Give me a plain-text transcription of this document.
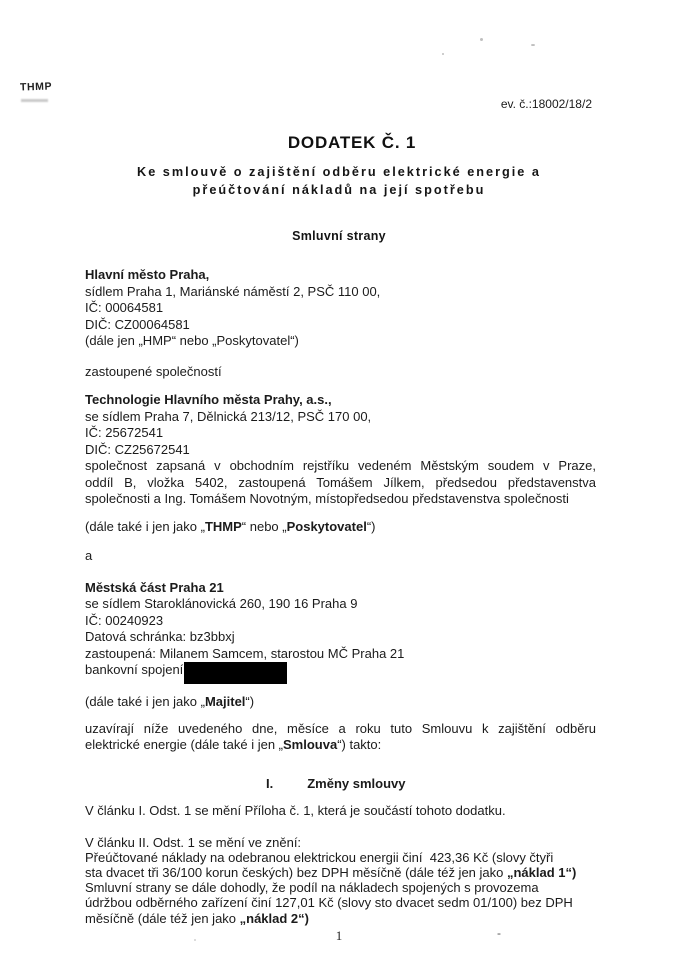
THMP
ev. č.:18002/18/2
DODATEK Č. 1
Ke smlouvě o zajištění odběru elektrické energie a
přeúčtování nákladů na její spotřebu
Smluvní strany
Hlavní město Praha,
sídlem Praha 1, Mariánské náměstí 2, PSČ 110 00,
IČ: 00064581
DIČ: CZ00064581
(dále jen „HMP“ nebo „Poskytovatel“)
zastoupené společností
Technologie Hlavního města Prahy, a.s.,
se sídlem Praha 7, Dělnická 213/12, PSČ 170 00,
IČ: 25672541
DIČ: CZ25672541
společnost zapsaná v obchodním rejstříku vedeném Městským soudem v Praze,
oddíl B, vložka 5402, zastoupená Tomášem Jílkem, předsedou představenstva
společnosti a Ing. Tomášem Novotným, místopředsedou představenstva společnosti
(dále také i jen jako „THMP“ nebo „Poskytovatel“)
a
Městská část Praha 21
se sídlem Staroklánovická 260, 190 16 Praha 9
IČ: 00240923
Datová schránka: bz3bbxj
zastoupená: Milanem Samcem, starostou MČ Praha 21
bankovní spojení
(dále také i jen jako „Majitel“)
uzavírají níže uvedeného dne, měsíce a roku tuto Smlouvu k zajištění odběru
elektrické energie (dále také i jen „Smlouva“) takto:
I.	Změny smlouvy
V článku I. Odst. 1 se mění Příloha č. 1, která je součástí tohoto dodatku.
V článku II. Odst. 1 se mění ve znění:
Přeúčtované náklady na odebranou elektrickou energii činí  423,36 Kč (slovy čtyři
sta dvacet tři 36/100 korun českých) bez DPH měsíčně (dále též jen jako „náklad 1“)
Smluvní strany se dále dohodly, že podíl na nákladech spojených s provozema
údržbou odběrného zařízení činí 127,01 Kč (slovy sto dvacet sedm 01/100) bez DPH
měsíčně (dále též jen jako „náklad 2“)
1	-
